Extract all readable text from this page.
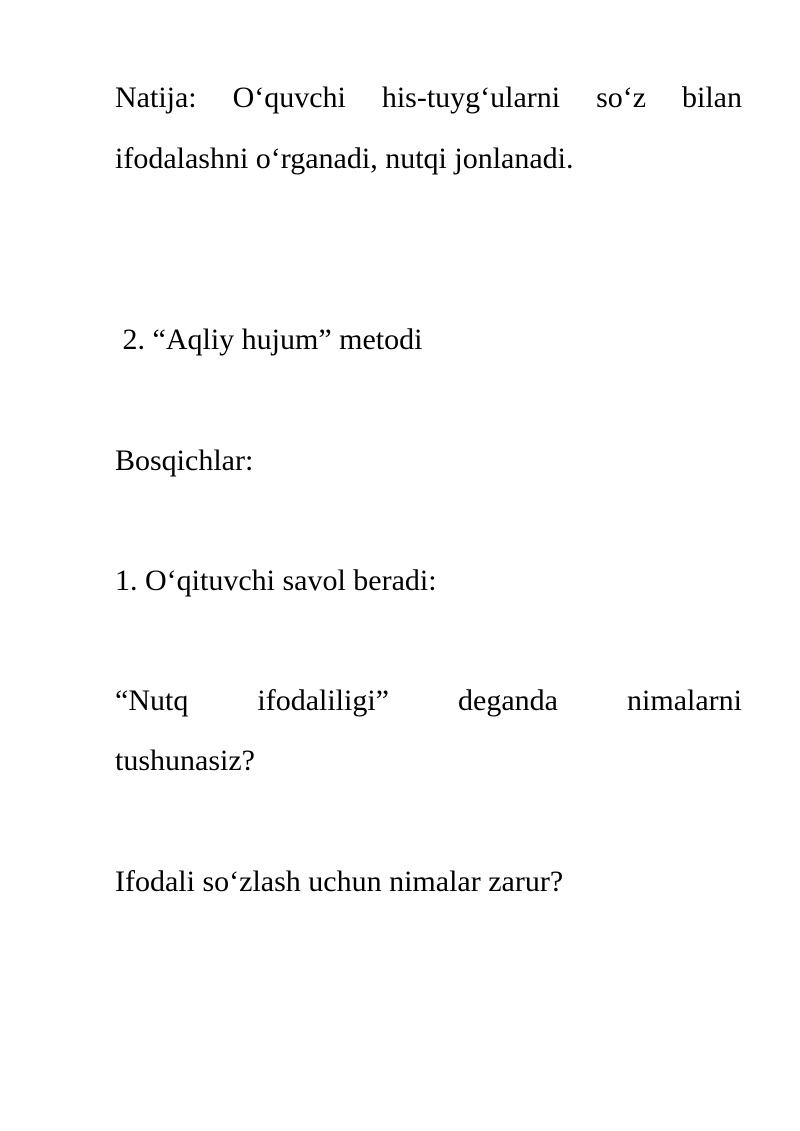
Natija: O‘quvchi his-tuyg‘ularni so‘z bilan
ifodalashni o‘rganadi, nutqi jonlanadi.
2. “Aqliy hujum” metodi
Bosqichlar:
1. O‘qituvchi savol beradi:
“Nutq ifodaliligi” deganda nimalarni
tushunasiz?
Ifodali so‘zlash uchun nimalar zarur?
